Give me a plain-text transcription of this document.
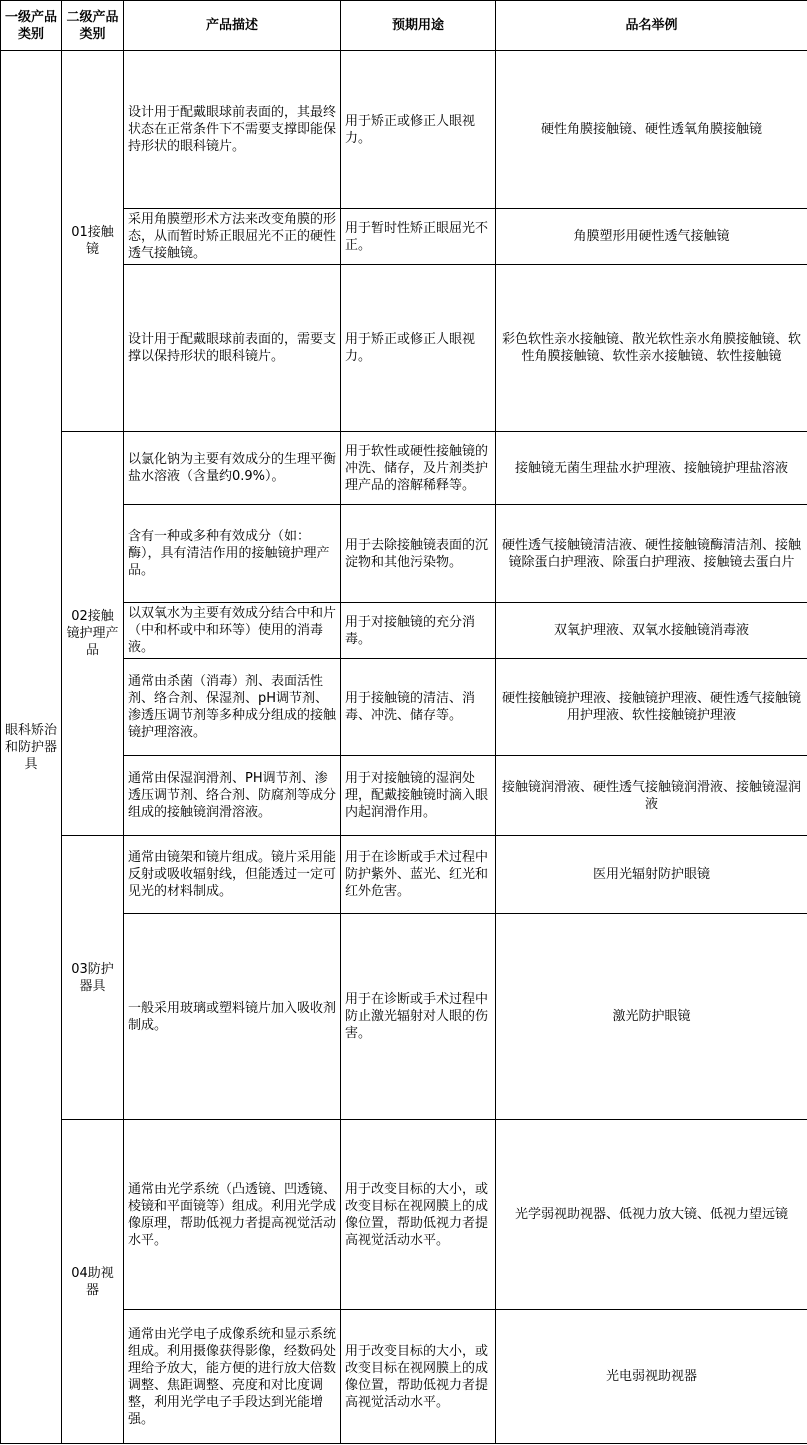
一级产品类别	二级产品类别	产品描述	预期用途	品名举例
眼科矫治和防护器具	01接触镜	设计用于配戴眼球前表面的，其最终状态在正常条件下不需要支撑即能保持形状的眼科镜片。	用于矫正或修正人眼视力。	硬性角膜接触镜、硬性透氧角膜接触镜
		采用角膜塑形术方法来改变角膜的形态，从而暂时矫正眼屈光不正的硬性透气接触镜。	用于暂时性矫正眼屈光不正。	角膜塑形用硬性透气接触镜
		设计用于配戴眼球前表面的，需要支撑以保持形状的眼科镜片。	用于矫正或修正人眼视力。	彩色软性亲水接触镜、散光软性亲水角膜接触镜、软性角膜接触镜、软性亲水接触镜、软性接触镜
	02接触镜护理产品	以氯化钠为主要有效成分的生理平衡盐水溶液（含量约0.9%）。	用于软性或硬性接触镜的冲洗、储存，及片剂类护理产品的溶解稀释等。	接触镜无菌生理盐水护理液、接触镜护理盐溶液
		含有一种或多种有效成分（如：酶），具有清洁作用的接触镜护理产品。	用于去除接触镜表面的沉淀物和其他污染物。	硬性透气接触镜清洁液、硬性接触镜酶清洁剂、接触镜除蛋白护理液、除蛋白护理液、接触镜去蛋白片
		以双氧水为主要有效成分结合中和片（中和杯或中和环等）使用的消毒液。	用于对接触镜的充分消毒。	双氧护理液、双氧水接触镜消毒液
		通常由杀菌（消毒）剂、表面活性剂、络合剂、保湿剂、pH调节剂、渗透压调节剂等多种成分组成的接触镜护理溶液。	用于接触镜的清洁、消毒、冲洗、储存等。	硬性接触镜护理液、接触镜护理液、硬性透气接触镜用护理液、软性接触镜护理液
		通常由保湿润滑剂、PH调节剂、渗透压调节剂、络合剂、防腐剂等成分组成的接触镜润滑溶液。	用于对接触镜的湿润处理，配戴接触镜时滴入眼内起润滑作用。	接触镜润滑液、硬性透气接触镜润滑液、接触镜湿润液
	03防护器具	通常由镜架和镜片组成。镜片采用能反射或吸收辐射线，但能透过一定可见光的材料制成。	用于在诊断或手术过程中防护紫外、蓝光、红光和红外危害。	医用光辐射防护眼镜
		一般采用玻璃或塑料镜片加入吸收剂制成。	用于在诊断或手术过程中防止激光辐射对人眼的伤害。	激光防护眼镜
	04助视器	通常由光学系统（凸透镜、凹透镜、棱镜和平面镜等）组成。利用光学成像原理，帮助低视力者提高视觉活动水平。	用于改变目标的大小，或改变目标在视网膜上的成像位置，帮助低视力者提高视觉活动水平。	光学弱视助视器、低视力放大镜、低视力望远镜
		通常由光学电子成像系统和显示系统组成。利用摄像获得影像，经数码处理给予放大，能方便的进行放大倍数调整、焦距调整、亮度和对比度调整，利用光学电子手段达到光能增强。	用于改变目标的大小，或改变目标在视网膜上的成像位置，帮助低视力者提高视觉活动水平。	光电弱视助视器
